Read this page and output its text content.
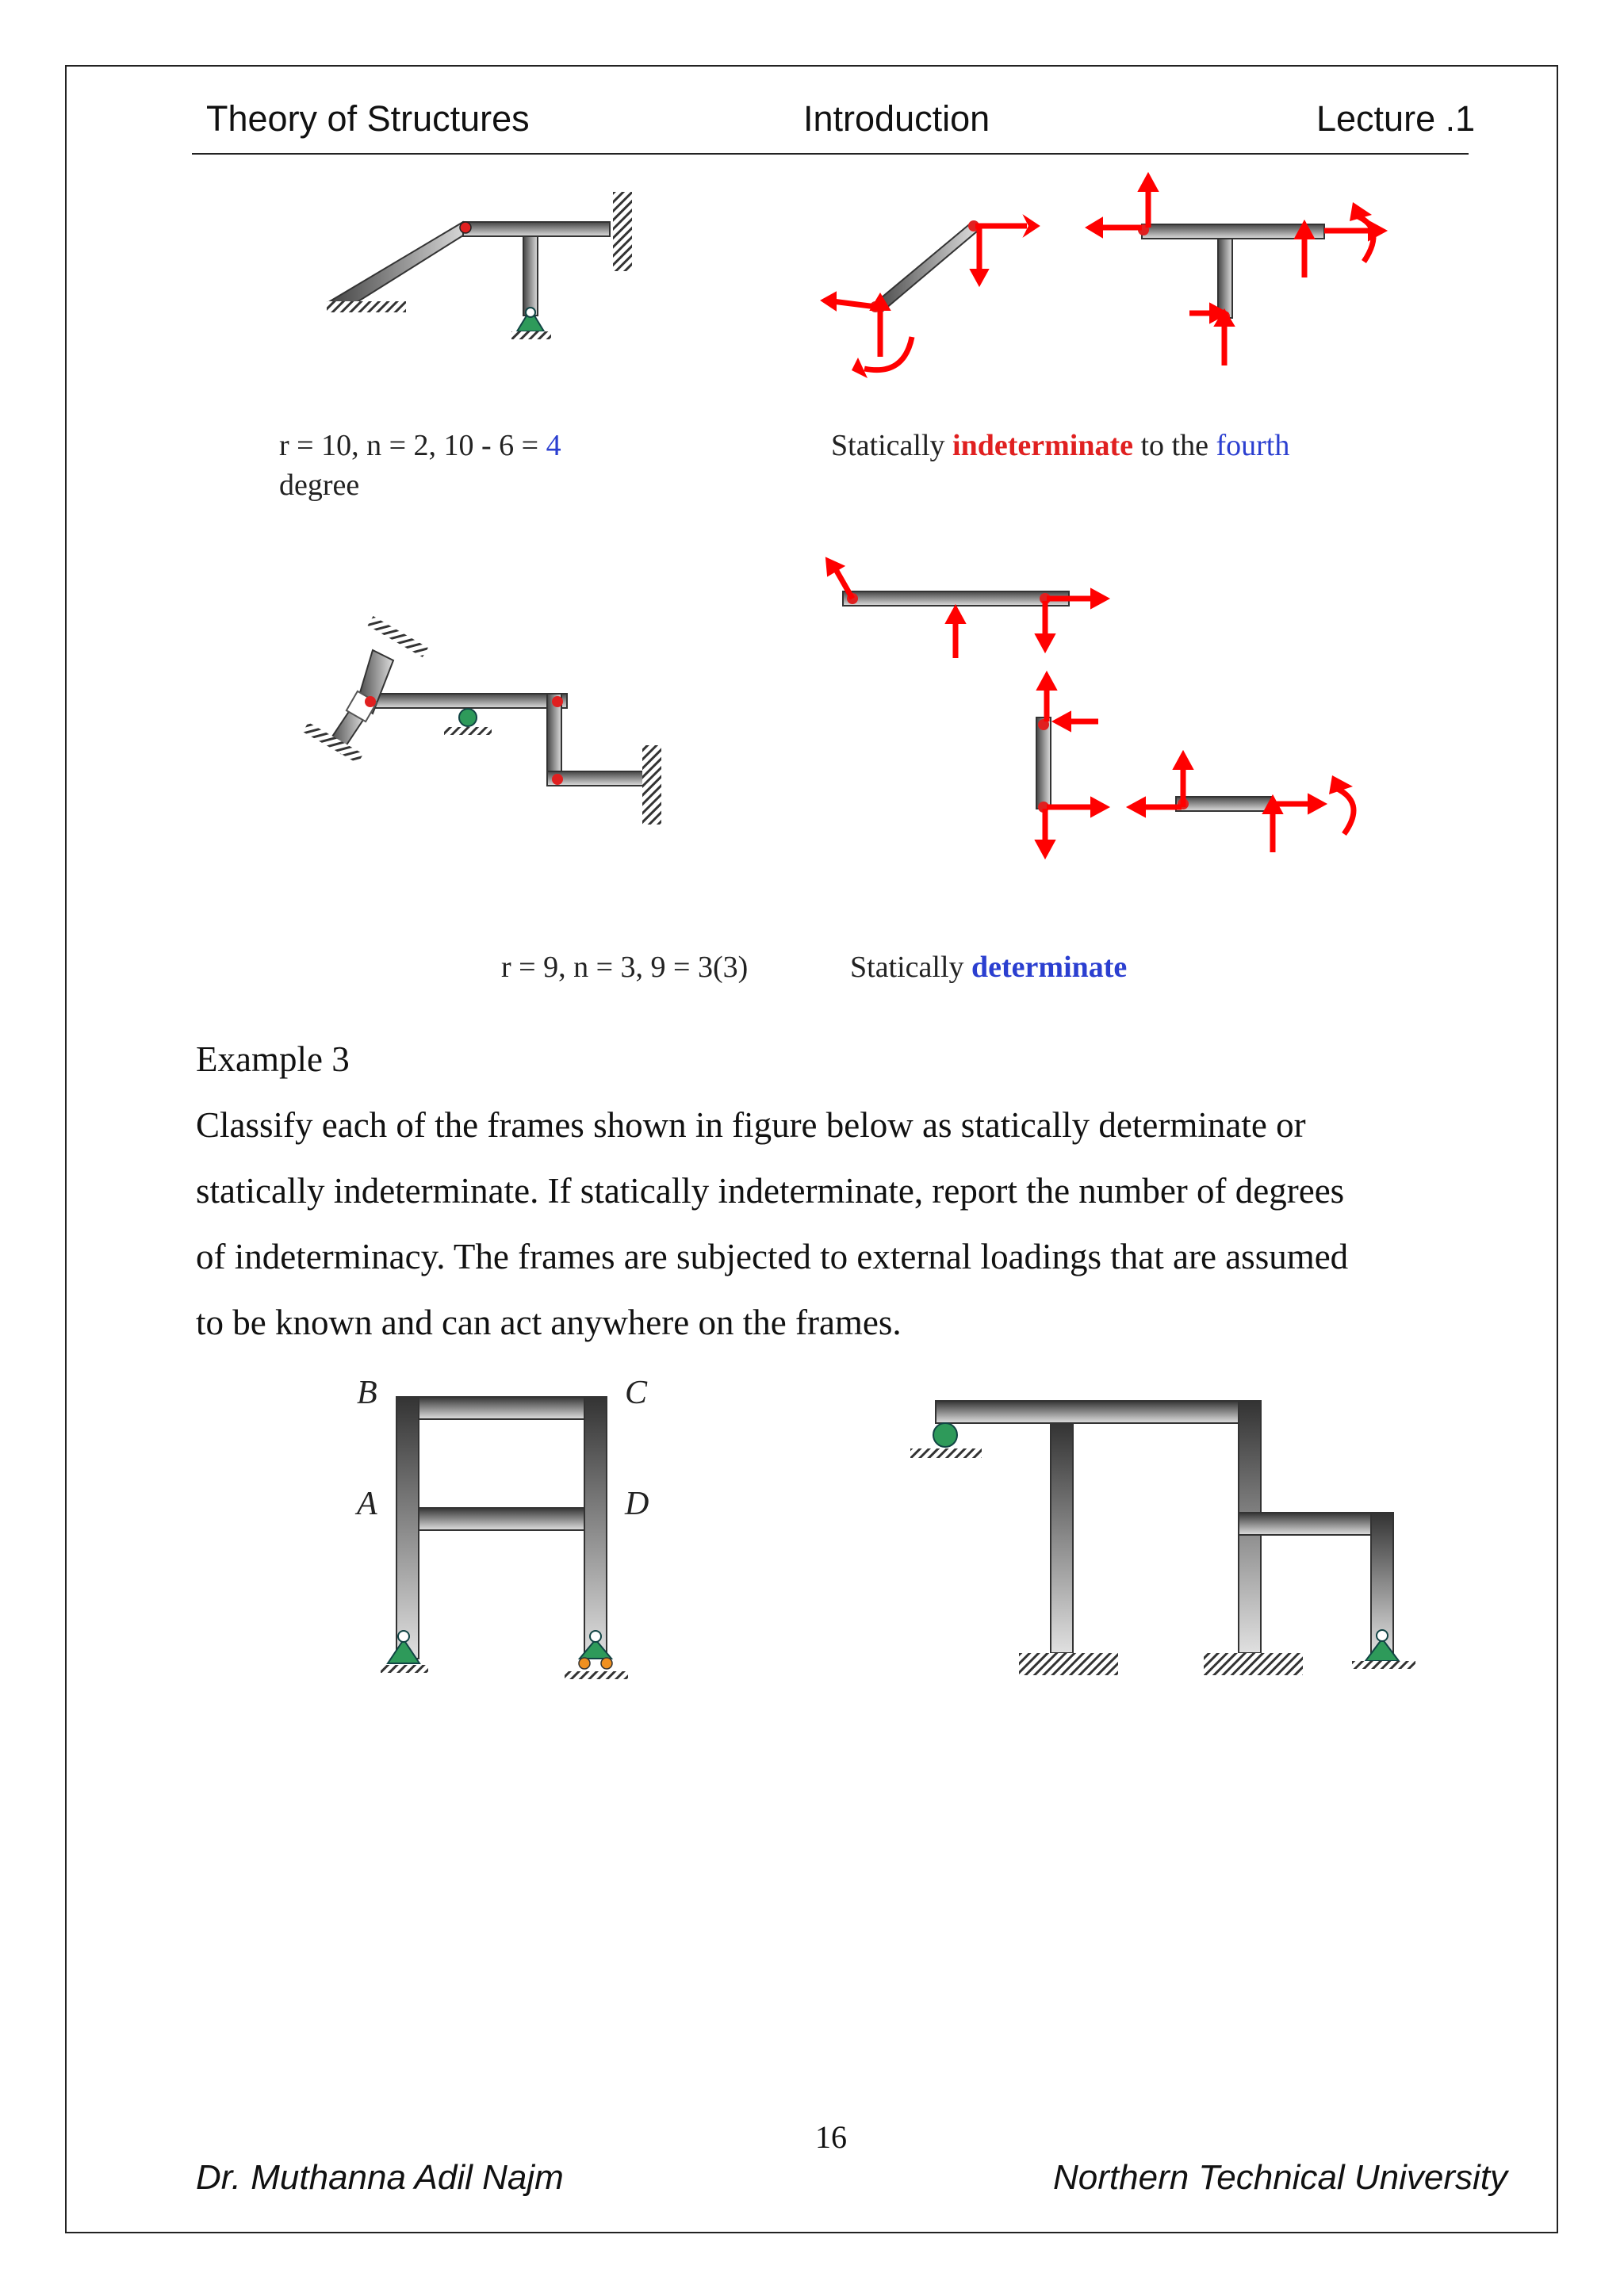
Theory of Structures	Introduction	Lecture .1
r = 10, n = 2, 10 - 6 = 4
degree
Statically indeterminate to the fourth
r = 9, n = 3, 9 = 3(3)	Statically determinate
Example 3
Classify each of the frames shown in figure below as statically determinate or
statically indeterminate. If statically indeterminate, report the number of degrees
of indeterminacy. The frames are subjected to external loadings that are assumed
to be known and can act anywhere on the frames.
B	C
A	D
16
Dr. Muthanna Adil Najm	Northern Technical University
